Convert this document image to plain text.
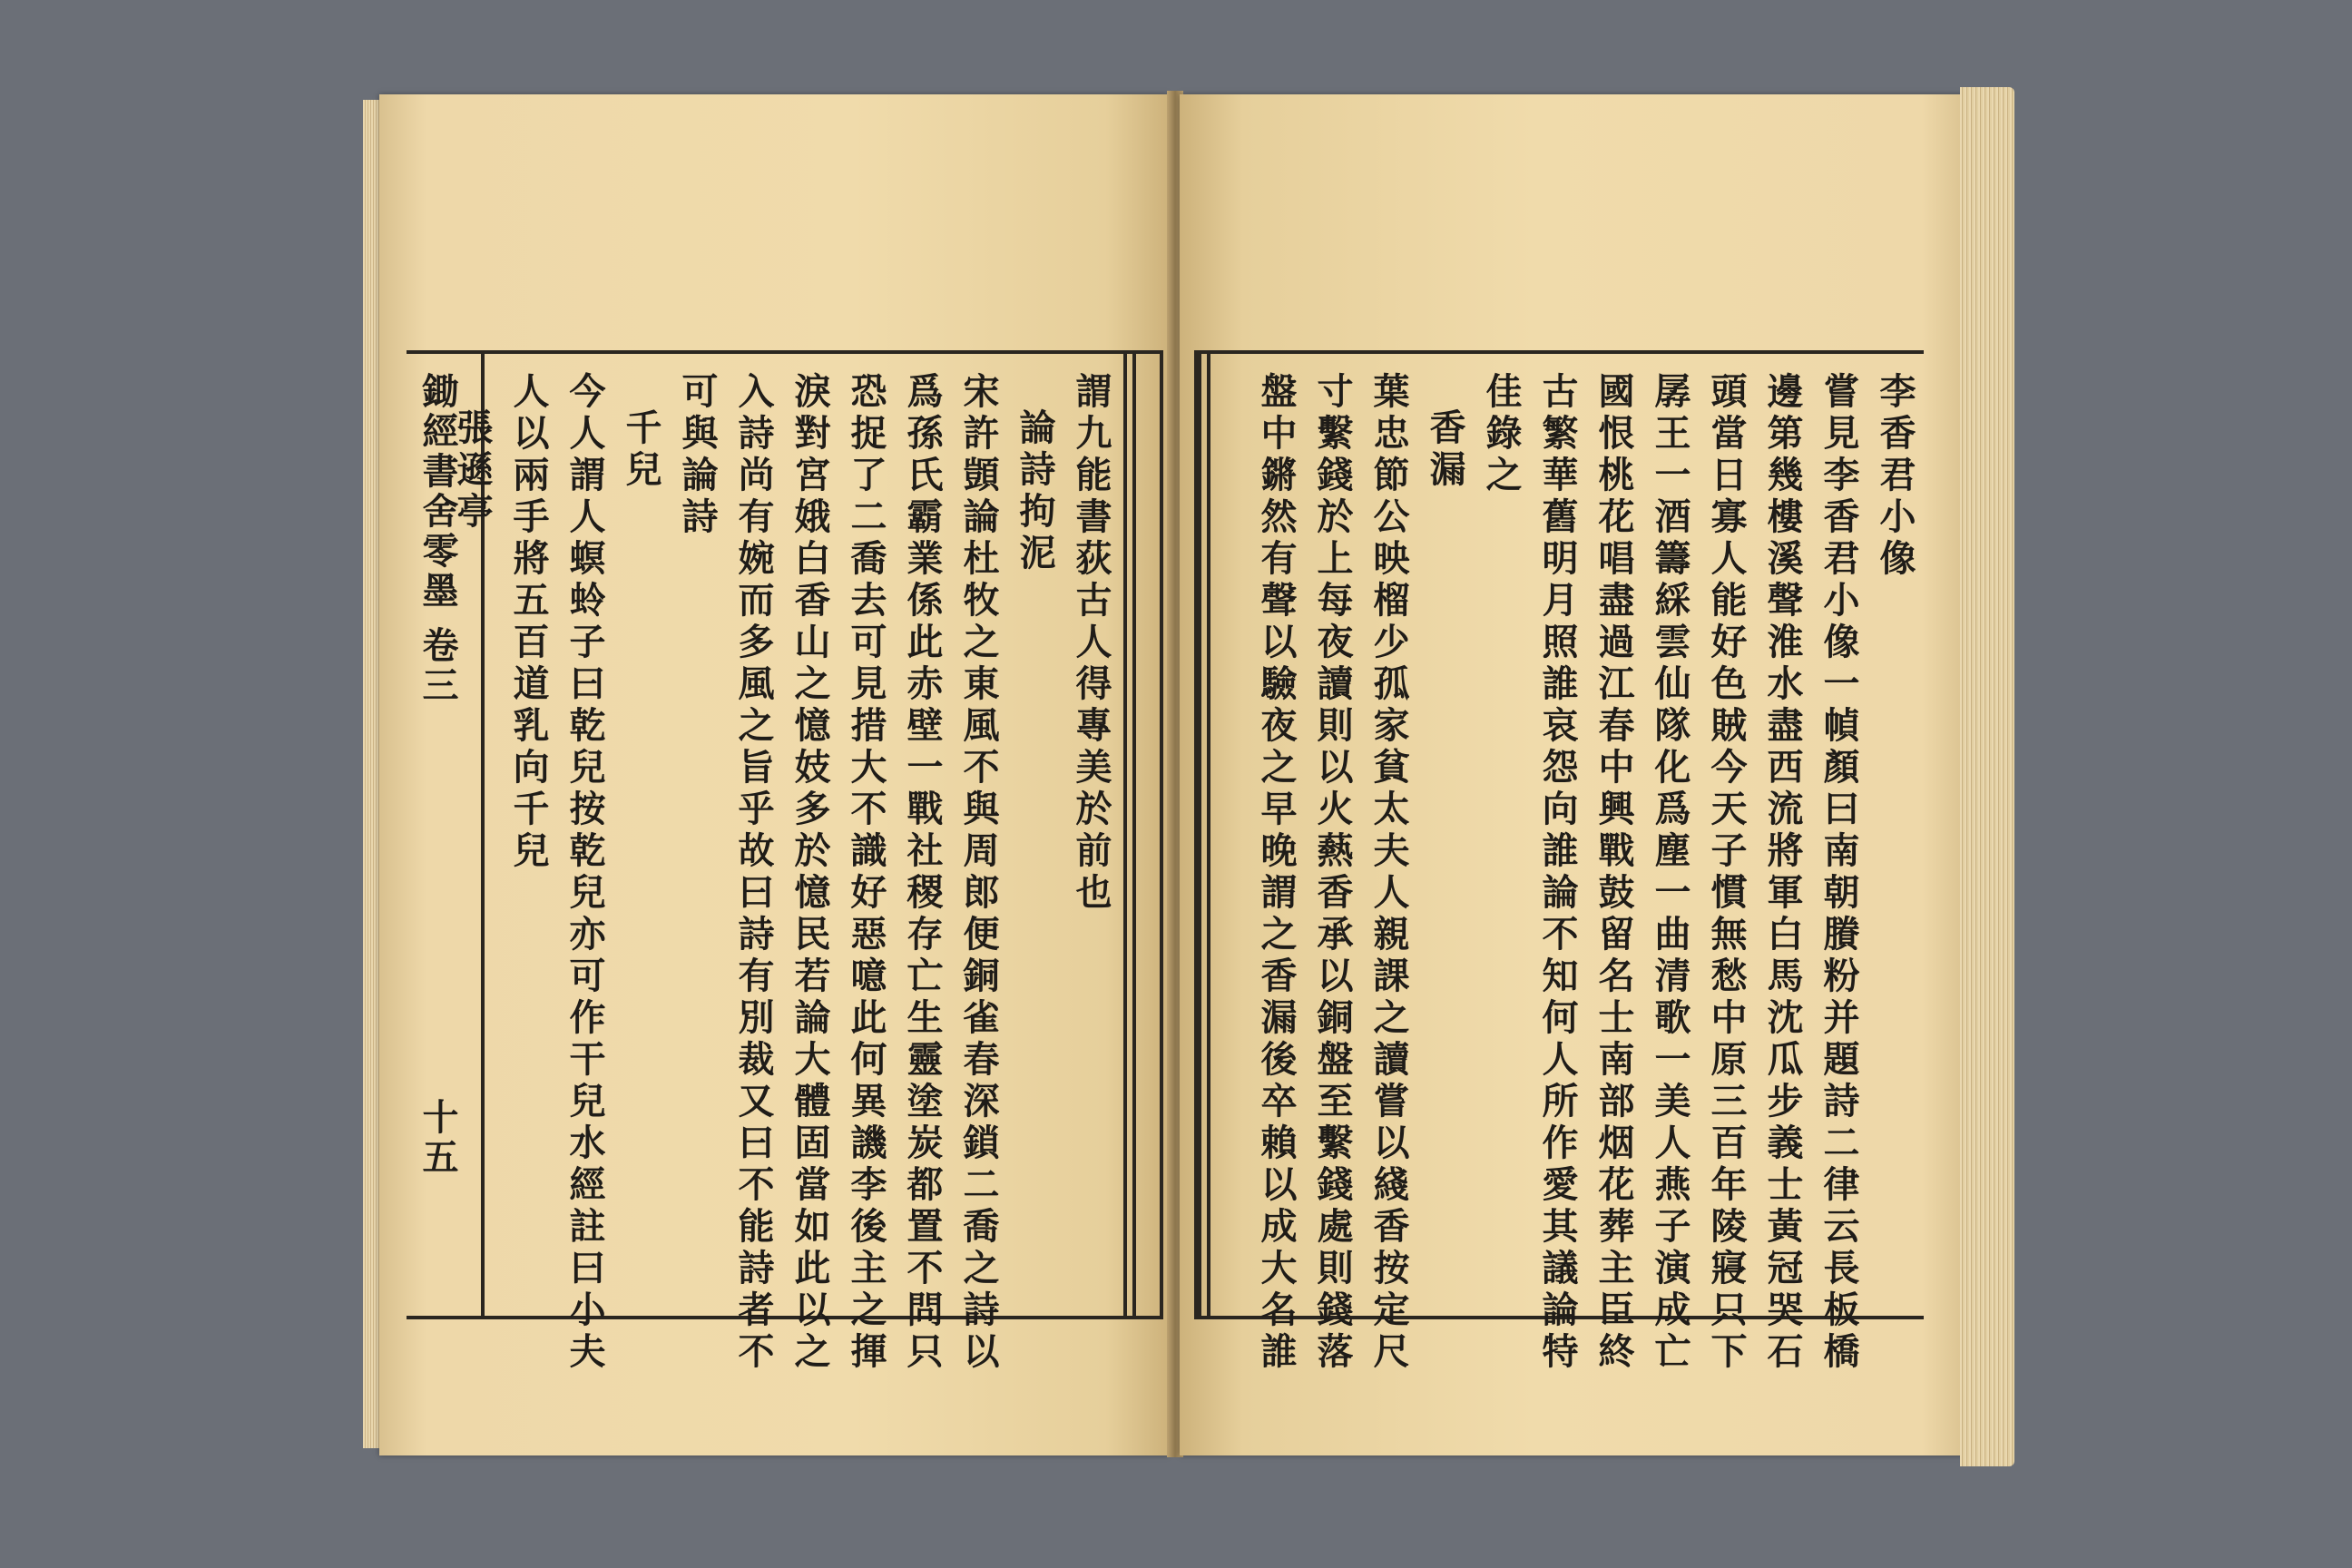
謂九能書荻古人得專美於前也
論詩拘泥
宋許顗論杜牧之東風不與周郎便銅雀春深鎖二喬之詩以
爲孫氏霸業係此赤壁一戰社稷存亡生靈塗炭都置不問只
恐捉了二喬去可見措大不識好惡噫此何異譏李後主之揮
淚對宮娥白香山之憶妓多於憶民若論大體固當如此以之
入詩尚有婉而多風之旨乎故曰詩有別裁又曰不能詩者不
可與論詩
千兒
今人謂人螟蛉子曰乾兒按乾兒亦可作干兒水經註曰小夫
人以兩手將五百道乳向千兒
張遜亭
鋤經書舍零墨
卷三
十五
李香君小像
嘗見李香君小像一幀顏曰南朝賸粉并題詩二律云長板橋
邊第幾樓溪聲淮水盡西流將軍白馬沈瓜步義士黃冠哭石
頭當日寡人能好色賊今天子慣無愁中原三百年陵寢只下
孱王一酒籌綵雲仙隊化爲塵一曲清歌一美人燕子演成亡
國恨桃花唱盡過江春中興戰鼓留名士南部烟花葬主臣終
古繁華舊明月照誰哀怨向誰論不知何人所作愛其議論特
佳錄之
香漏
葉忠節公映榴少孤家貧太夫人親課之讀嘗以綫香按定尺
寸繫錢於上每夜讀則以火爇香承以銅盤至繫錢處則錢落
盤中鏘然有聲以驗夜之早晚謂之香漏後卒賴以成大名誰
